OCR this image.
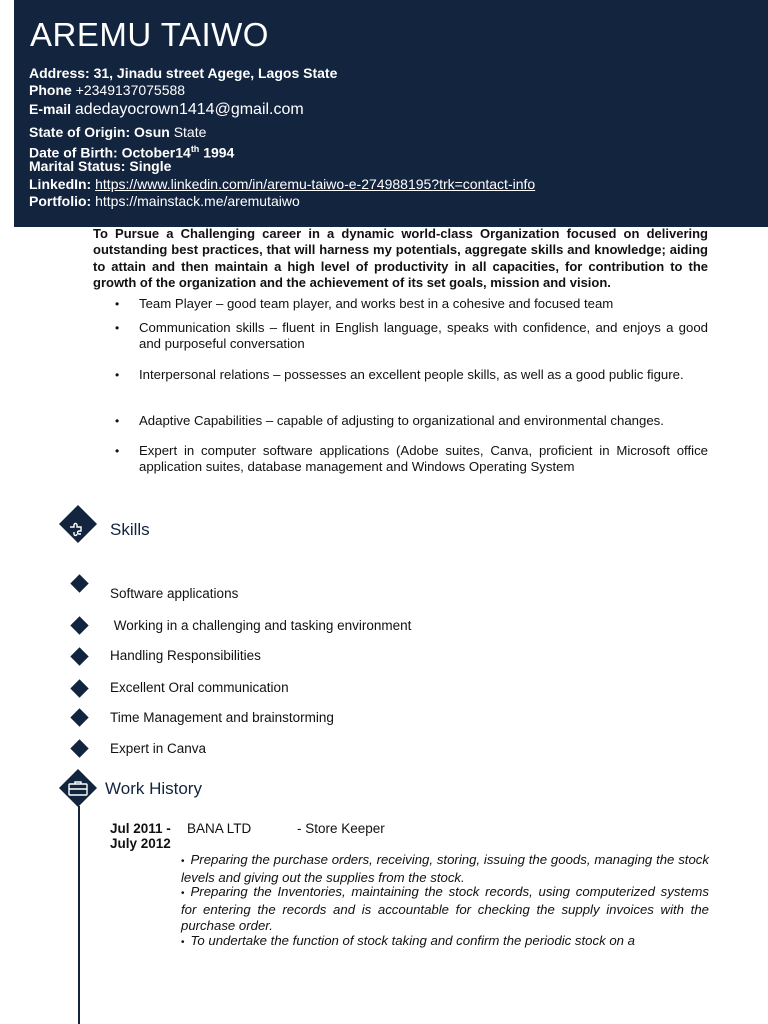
AREMU TAIWO
Address: 31, Jinadu street Agege, Lagos State
Phone +2349137075588
E-mail adedayocrown1414@gmail.com
State of Origin: Osun State
Date of Birth: October14th 1994
Marital Status: Single
LinkedIn: https://www.linkedin.com/in/aremu-taiwo-e-274988195?trk=contact-info
Portfolio: https://mainstack.me/aremutaiwo
To Pursue a Challenging career in a dynamic world-class Organization focused on delivering outstanding best practices, that will harness my potentials, aggregate skills and knowledge; aiding to attain and then maintain a high level of productivity in all capacities, for contribution to the growth of the organization and the achievement of its set goals, mission and vision.
• Team Player – good team player, and works best in a cohesive and focused team
• Communication skills – fluent in English language, speaks with confidence, and enjoys a good and purposeful conversation
• Interpersonal relations – possesses an excellent people skills, as well as a good public figure.
• Adaptive Capabilities – capable of adjusting to organizational and environmental changes.
• Expert in computer software applications (Adobe suites, Canva, proficient in Microsoft office application suites, database management and Windows Operating System
Skills
Software applications
Working in a challenging and tasking environment
Handling Responsibilities
Excellent Oral communication
Time Management and brainstorming
Expert in Canva
Work History
Jul 2011 -
July 2012
BANA LTD	- Store Keeper
• Preparing the purchase orders, receiving, storing, issuing the goods, managing the stock levels and giving out the supplies from the stock.
• Preparing the Inventories, maintaining the stock records, using computerized systems for entering the records and is accountable for checking the supply invoices with the purchase order.
• To undertake the function of stock taking and confirm the periodic stock on a
